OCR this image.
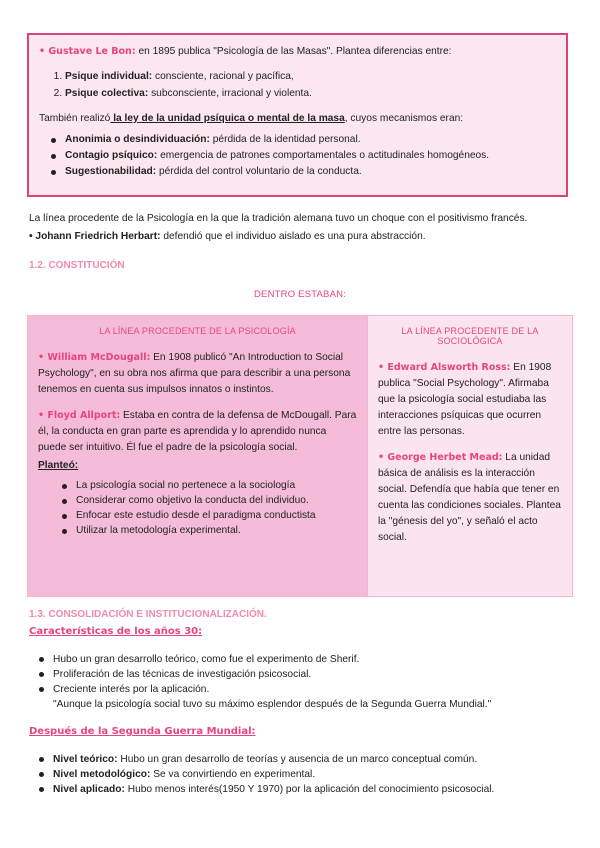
• Gustave Le Bon: en 1895 publica "Psicología de las Masas". Plantea diferencias entre:

1. Psique individual: consciente, racional y pacífica,
2. Psique colectiva: subconsciente, irracional y violenta.

También realizó la ley de la unidad psíquica o mental de la masa, cuyos mecanismos eran:

Anonimia o desindividuación: pérdida de la identidad personal.
Contagio psíquico: emergencia de patrones comportamentales o actitudinales homogéneos.
Sugestionabilidad: pérdida del control voluntario de la conducta.
La línea procedente de la Psicología en la que la tradición alemana tuvo un choque con el positivismo francés.
• Johann Friedrich Herbart: defendió que el individuo aislado es una pura abstracción.
1.2. CONSTITUCIÓN
DENTRO ESTABAN:
LA LÍNEA PROCEDENTE DE LA PSICOLOGÍA

• William McDougall: En 1908 publicó "An Introduction to Social Psychology", en su obra nos afirma que para describir a una persona tenemos en cuenta sus impulsos innatos o instintos.

• Floyd Allport: Estaba en contra de la defensa de McDougall. Para él, la conducta en gran parte es aprendida y lo aprendido nunca puede ser intuitivo. Él fue el padre de la psicología social.

Planteó:

La psicología social no pertenece a la sociología
Considerar como objetivo la conducta del individuo.
Enfocar este estudio desde el paradigma conductista
Utilizar la metodología experimental.
LA LÍNEA PROCEDENTE DE LA SOCIOLÓGICA

• Edward Alsworth Ross: En 1908 publica "Social Psychology". Afirmaba que la psicología social estudiaba las interacciones psíquicas que ocurren entre las personas.

• George Herbet Mead: La unidad básica de análisis es la interacción social. Defendía que había que tener en cuenta las condiciones sociales. Plantea la "génesis del yo", y señaló el acto social.

1.3. CONSOLIDACIÓN E INSTITUCIONALIZACIÓN.
Características de los años 30:
Hubo un gran desarrollo teórico, como fue el experimento de Sherif.
Proliferación de las técnicas de investigación psicosocial.
Creciente interés por la aplicación.
"Aunque la psicología social tuvo su máximo esplendor después de la Segunda Guerra Mundial."
Después de la Segunda Guerra Mundial:
Nivel teórico: Hubo un gran desarrollo de teorías y ausencia de un marco conceptual común.
Nivel metodológico: Se va convirtiendo en experimental.
Nivel aplicado: Hubo menos interés(1950 Y 1970) por la aplicación del conocimiento psicosocial.
